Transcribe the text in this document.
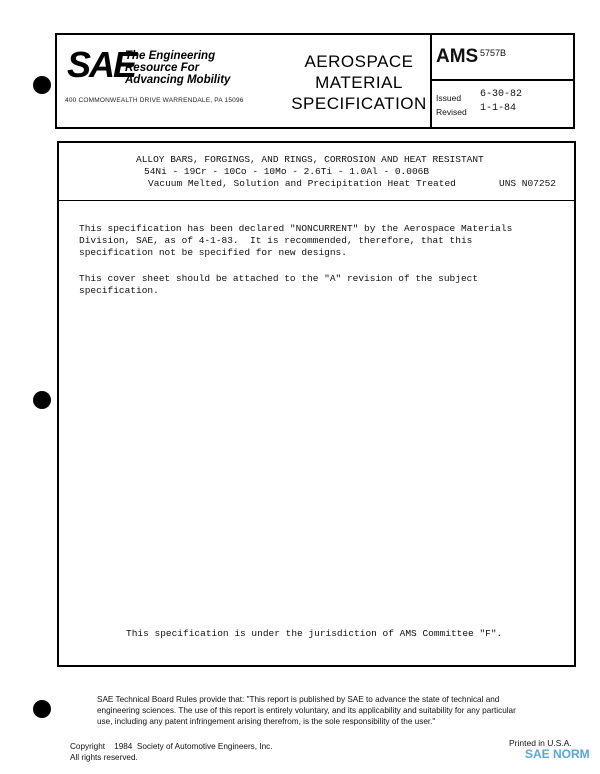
SAE
The Engineering
Resource For
Advancing Mobility
400 COMMONWEALTH DRIVE WARRENDALE, PA 15096
AEROSPACE
MATERIAL
SPECIFICATION
AMS 5757B
Issued 6-30-82
Revised 1-1-84
ALLOY BARS, FORGINGS, AND RINGS, CORROSION AND HEAT RESISTANT
54Ni - 19Cr - 10Co - 10Mo - 2.6Ti - 1.0Al - 0.006B
Vacuum Melted, Solution and Precipitation Heat Treated	UNS N07252
This specification has been declared "NONCURRENT" by the Aerospace Materials
Division, SAE, as of 4-1-83.  It is recommended, therefore, that this
specification not be specified for new designs.
This cover sheet should be attached to the "A" revision of the subject
specification.
This specification is under the jurisdiction of AMS Committee "F".
SAE Technical Board Rules provide that: "This report is published by SAE to advance the state of technical and
engineering sciences. The use of this report is entirely voluntary, and its applicability and suitability for any particular
use, including any patent infringement arising therefrom, is the sole responsibility of the user."
Copyright    1984  Society of Automotive Engineers, Inc.
All rights reserved.
Printed in U.S.A.
SAE NORM
